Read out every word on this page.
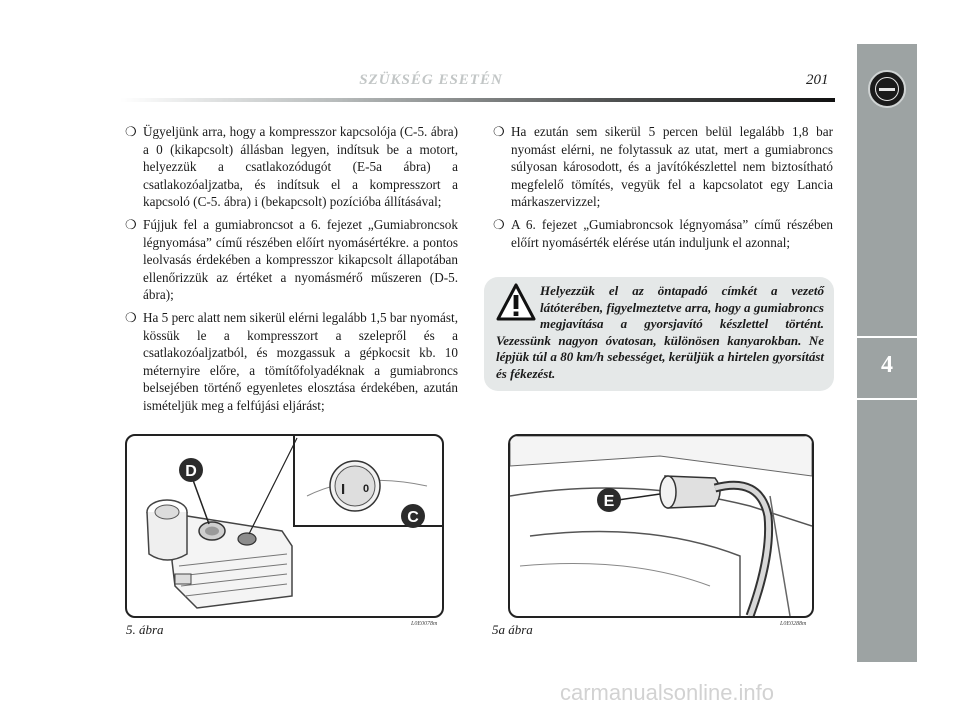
4
SZÜKSÉG ESETÉN	201
❍ Ügyeljünk arra, hogy a kompresszor kapcsolója (C-5. ábra) a 0 (kikapcsolt) állásban legyen, indítsuk be a motort, helyezzük a csatlakozódugót (E-5a ábra) a csatlakozóaljzatba, és indítsuk el a kompresszort a kapcsoló (C-5. ábra) i (bekapcsolt) pozícióba állításával;
❍ Fújjuk fel a gumiabroncsot a 6. fejezet „Gumiabroncsok légnyomása” című részében előírt nyomásértékre. a pontos leolvasás érdekében a kompresszor kikapcsolt állapotában ellenőrizzük az értéket a nyomásmérő műszeren (D-5. ábra);
❍ Ha 5 perc alatt nem sikerül elérni legalább 1,5 bar nyomást, kössük le a kompresszort a szelepről és a csatlakozóaljzatból, és mozgassuk a gépkocsit kb. 10 méternyire előre, a tömítőfolyadéknak a gumiabroncs belsejében történő egyenletes elosztása érdekében, azután ismételjük meg a felfújási eljárást;
❍ Ha ezután sem sikerül 5 percen belül legalább 1,8 bar nyomást elérni, ne folytassuk az utat, mert a gumiabroncs súlyosan károsodott, és a javítókészlettel nem biztosítható megfelelő tömítés, vegyük fel a kapcsolatot egy Lancia márkaszervizzel;
❍ A 6. fejezet „Gumiabroncsok légnyomása” című részében előírt nyomásérték elérése után induljunk el azonnal;
Helyezzük el az öntapadó címkét a vezető látóterében, figyelmeztetve arra, hogy a gumiabroncs megjavítása a gyorsjavító készlettel történt. Vezessünk nagyon óvatosan, különösen kanyarokban. Ne lépjük túl a 80 km/h sebességet, kerüljük a hirtelen gyorsítást és fékezést.
I 0
D
C
5. ábra	L0E0078m
E
5a ábra	L0E0288m
carmanualsonline.info
